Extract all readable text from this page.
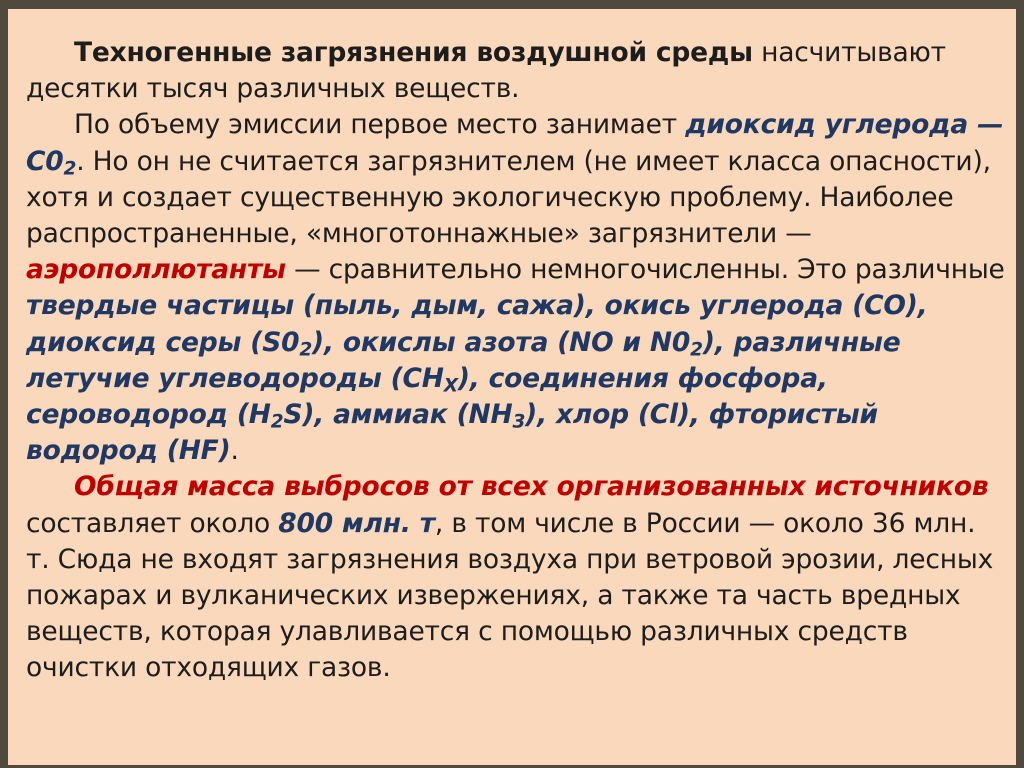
Техногенные загрязнения воздушной среды насчитывают десятки тысяч различных веществ.

По объему эмиссии первое место занимает диоксид углерода — $С0_2$. Но он не считается загрязнителем (не имеет класса опасности), хотя и создает существенную экологическую проблему. Наиболее распространенные, «многотоннажные» загрязнители — аэрополлютанты — сравнительно немногочисленны. Это различные твердые частицы (пыль, дым, сажа), окись углерода (СО), диоксид серы $(S0_2)$, окислы азота (NO и $N0_2$), различные летучие углеводороды $(СН_X)$, соединения фосфора, сероводород $(H_2S)$, аммиак $(NH_3)$, хлор (Cl), фтористый водород (HF).

Общая масса выбросов от всех организованных источников составляет около 800 млн. т, в том числе в России — около 36 млн. т. Сюда не входят загрязнения воздуха при ветровой эрозии, лесных пожарах и вулканических извержениях, а также та часть вредных веществ, которая улавливается с помощью различных средств очистки отходящих газов.
